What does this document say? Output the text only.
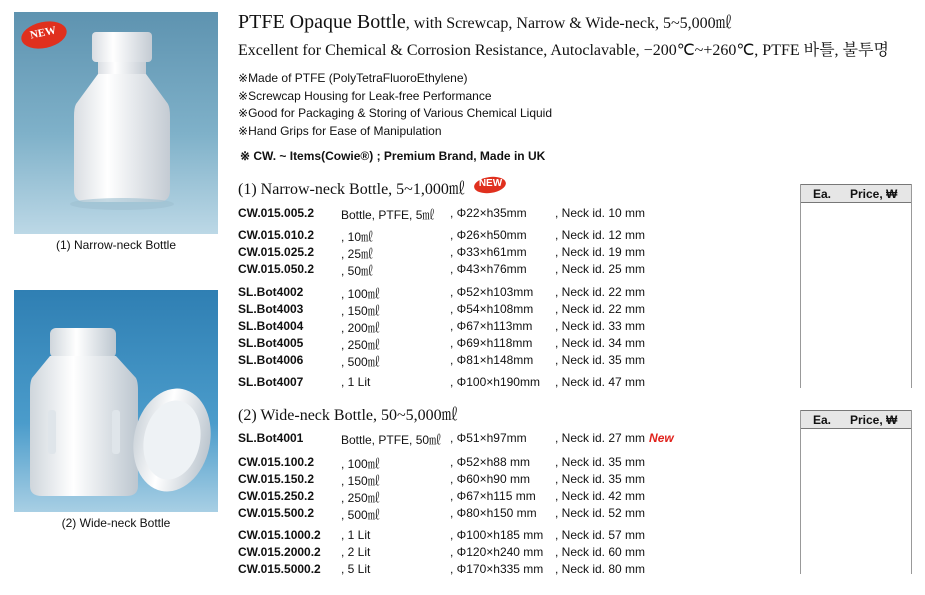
NEW
(1) Narrow-neck Bottle
(2) Wide-neck Bottle
PTFE Opaque Bottle, with Screwcap, Narrow & Wide-neck, 5~5,000㎖
Excellent for Chemical & Corrosion Resistance, Autoclavable, −200℃~+260℃, PTFE 바틀, 불투명
※ Made of PTFE (PolyTetraFluoroEthylene)
※ Screwcap Housing for Leak-free Performance
※ Good for Packaging & Storing of Various Chemical Liquid
※ Hand Grips for Ease of Manipulation
※ CW. ~ Items(Cowie®) ; Premium Brand, Made in UK
(1) Narrow-neck Bottle, 5~1,000㎖ NEW
Ea. Price, ₩
CW.015.005.2 Bottle, PTFE, 5㎖ , Φ22×h35mm , Neck id. 10 mm
CW.015.010.2 , 10㎖	, Φ26×h50mm , Neck id. 12 mm
CW.015.025.2 , 25㎖	, Φ33×h61mm , Neck id. 19 mm
CW.015.050.2 , 50㎖	, Φ43×h76mm , Neck id. 25 mm
SL.Bot4002	, 100㎖	, Φ52×h103mm , Neck id. 22 mm
SL.Bot4003	, 150㎖	, Φ54×h108mm , Neck id. 22 mm
SL.Bot4004	, 200㎖	, Φ67×h113mm , Neck id. 33 mm
SL.Bot4005	, 250㎖	, Φ69×h118mm , Neck id. 34 mm
SL.Bot4006	, 500㎖	, Φ81×h148mm , Neck id. 35 mm
SL.Bot4007	, 1 Lit	, Φ100×h190mm , Neck id. 47 mm
(2) Wide-neck Bottle, 50~5,000㎖	Ea. Price, ₩
SL.Bot4001	Bottle, PTFE, 50㎖ , Φ51×h97mm , Neck id. 27 mm New
CW.015.100.2 , 100㎖	, Φ52×h88 mm , Neck id. 35 mm
CW.015.150.2 , 150㎖	, Φ60×h90 mm , Neck id. 35 mm
CW.015.250.2 , 250㎖	, Φ67×h115 mm , Neck id. 42 mm
CW.015.500.2 , 500㎖	, Φ80×h150 mm , Neck id. 52 mm
CW.015.1000.2 , 1 Lit	, Φ100×h185 mm , Neck id. 57 mm
CW.015.2000.2 , 2 Lit	, Φ120×h240 mm , Neck id. 60 mm
CW.015.5000.2 , 5 Lit	, Φ170×h335 mm , Neck id. 80 mm
